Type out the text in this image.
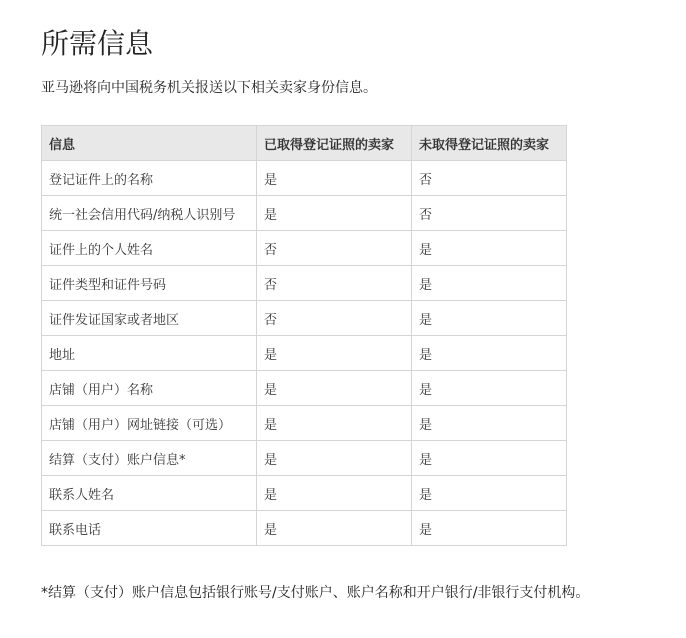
所需信息

亚马逊将向中国税务机关报送以下相关卖家身份信息。

信息	已取得登记证照的卖家	未取得登记证照的卖家
登记证件上的名称	是	否
统一社会信用代码/纳税人识别号	是	否
证件上的个人姓名	否	是
证件类型和证件号码	否	是
证件发证国家或者地区	否	是
地址	是	是
店铺（用户）名称	是	是
店铺（用户）网址链接（可选）	是	是
结算（支付）账户信息*	是	是
联系人姓名	是	是
联系电话	是	是

*结算（支付）账户信息包括银行账号/支付账户、账户名称和开户银行/非银行支付机构。
